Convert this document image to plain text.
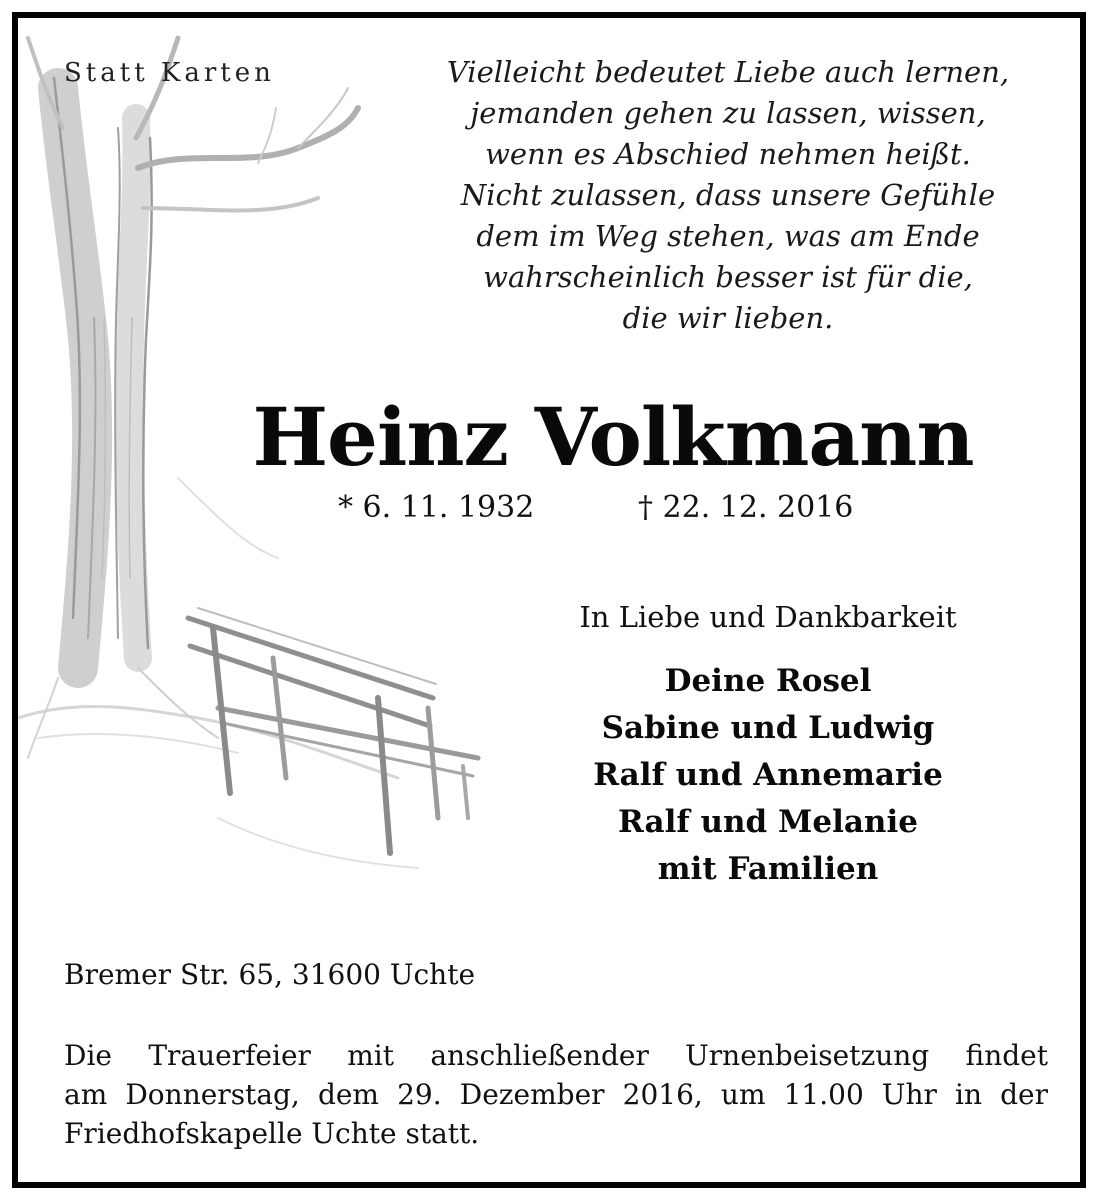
Statt Karten	Vielleicht bedeutet Liebe auch lernen,
jemanden gehen zu lassen, wissen,
wenn es Abschied nehmen heißt.
Nicht zulassen, dass unsere Gefühle
dem im Weg stehen, was am Ende
wahrscheinlich besser ist für die,
die wir lieben.
Heinz Volkmann
* 6. 11. 1932	† 22. 12. 2016
In Liebe und Dankbarkeit
Deine Rosel
Sabine und Ludwig
Ralf und Annemarie
Ralf und Melanie
mit Familien
Bremer Str. 65, 31600 Uchte
Die Trauerfeier mit anschließender Urnenbeisetzung findet
am Donnerstag, dem 29. Dezember 2016, um 11.00 Uhr in der
Friedhofskapelle Uchte statt.
